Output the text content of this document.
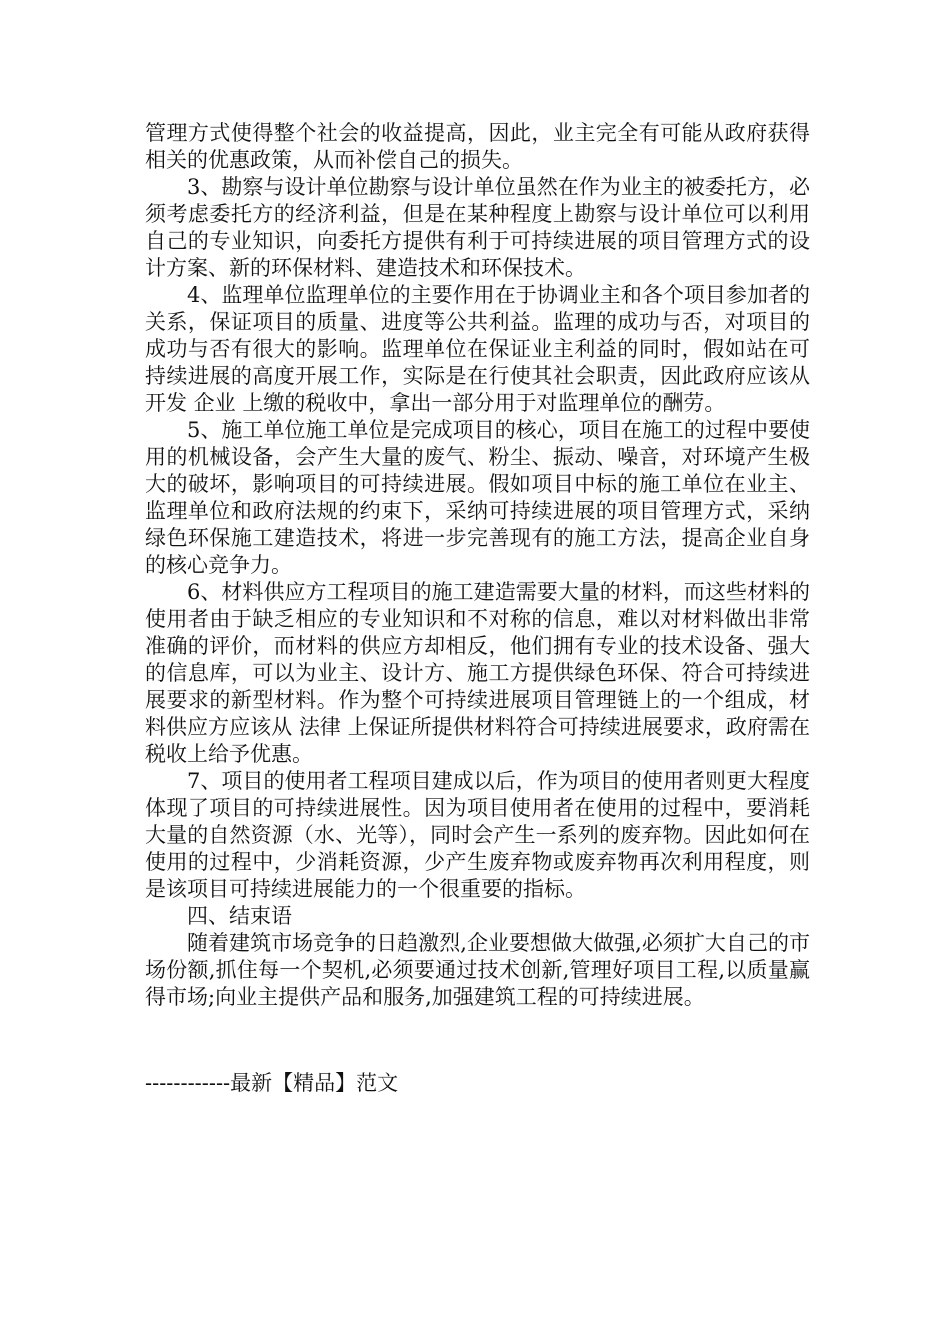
管理方式使得整个社会的收益提高，因此，业主完全有可能从政府获得相关的优惠政策，从而补偿自己的损失。

3、勘察与设计单位勘察与设计单位虽然在作为业主的被委托方，必须考虑委托方的经济利益，但是在某种程度上勘察与设计单位可以利用自己的专业知识，向委托方提供有利于可持续进展的项目管理方式的设计方案、新的环保材料、建造技术和环保技术。

4、监理单位监理单位的主要作用在于协调业主和各个项目参加者的关系，保证项目的质量、进度等公共利益。监理的成功与否，对项目的成功与否有很大的影响。监理单位在保证业主利益的同时，假如站在可持续进展的高度开展工作，实际是在行使其社会职责，因此政府应该从开发 企业 上缴的税收中，拿出一部分用于对监理单位的酬劳。

5、施工单位施工单位是完成项目的核心，项目在施工的过程中要使用的机械设备，会产生大量的废气、粉尘、振动、噪音，对环境产生极大的破坏，影响项目的可持续进展。假如项目中标的施工单位在业主、监理单位和政府法规的约束下，采纳可持续进展的项目管理方式，采纳绿色环保施工建造技术，将进一步完善现有的施工方法，提高企业自身的核心竞争力。

6、材料供应方工程项目的施工建造需要大量的材料，而这些材料的使用者由于缺乏相应的专业知识和不对称的信息，难以对材料做出非常准确的评价，而材料的供应方却相反，他们拥有专业的技术设备、强大的信息库，可以为业主、设计方、施工方提供绿色环保、符合可持续进展要求的新型材料。作为整个可持续进展项目管理链上的一个组成，材料供应方应该从 法律 上保证所提供材料符合可持续进展要求，政府需在税收上给予优惠。

7、项目的使用者工程项目建成以后，作为项目的使用者则更大程度体现了项目的可持续进展性。因为项目使用者在使用的过程中，要消耗大量的自然资源（水、光等），同时会产生一系列的废弃物。因此如何在使用的过程中，少消耗资源，少产生废弃物或废弃物再次利用程度，则是该项目可持续进展能力的一个很重要的指标。

四、结束语

随着建筑市场竞争的日趋激烈,企业要想做大做强,必须扩大自己的市场份额,抓住每一个契机,必须要通过技术创新,管理好项目工程,以质量赢得市场;向业主提供产品和服务,加强建筑工程的可持续进展。

------------最新【精品】范文
